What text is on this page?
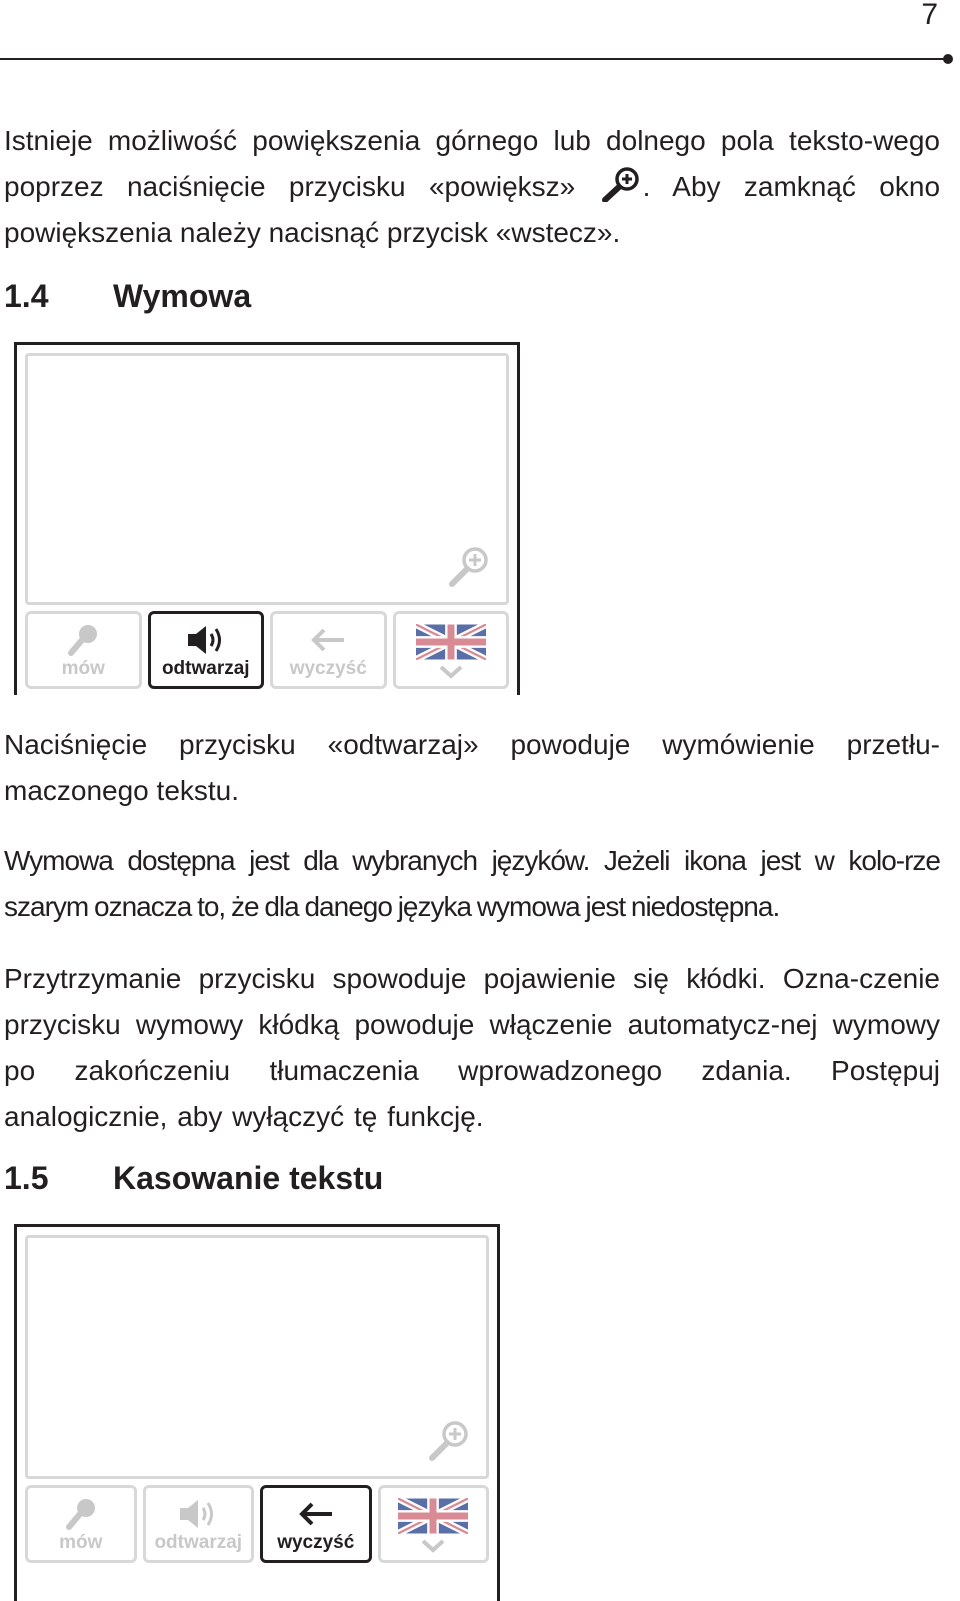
7

Istnieje możliwość powiększenia górnego lub dolnego pola teksto-wego poprzez naciśnięcie przycisku «powiększ» . Aby zamknąć okno powiększenia należy nacisnąć przycisk «wstecz».

1.4 Wymowa
mów	odtwarzaj	wyczyść

Naciśnięcie przycisku «odtwarzaj» powoduje wymówienie przetłu-maczonego tekstu.

Wymowa dostępna jest dla wybranych języków. Jeżeli ikona jest w kolo-rze szarym oznacza to, że dla danego języka wymowa jest niedostępna.

Przytrzymanie przycisku spowoduje pojawienie się kłódki. Ozna-czenie przycisku wymowy kłódką powoduje włączenie automatycz-nej wymowy po zakończeniu tłumaczenia wprowadzonego zdania. Postępuj analogicznie, aby wyłączyć tę funkcję.

1.5 Kasowanie tekstu
mów	odtwarzaj	wyczyść
